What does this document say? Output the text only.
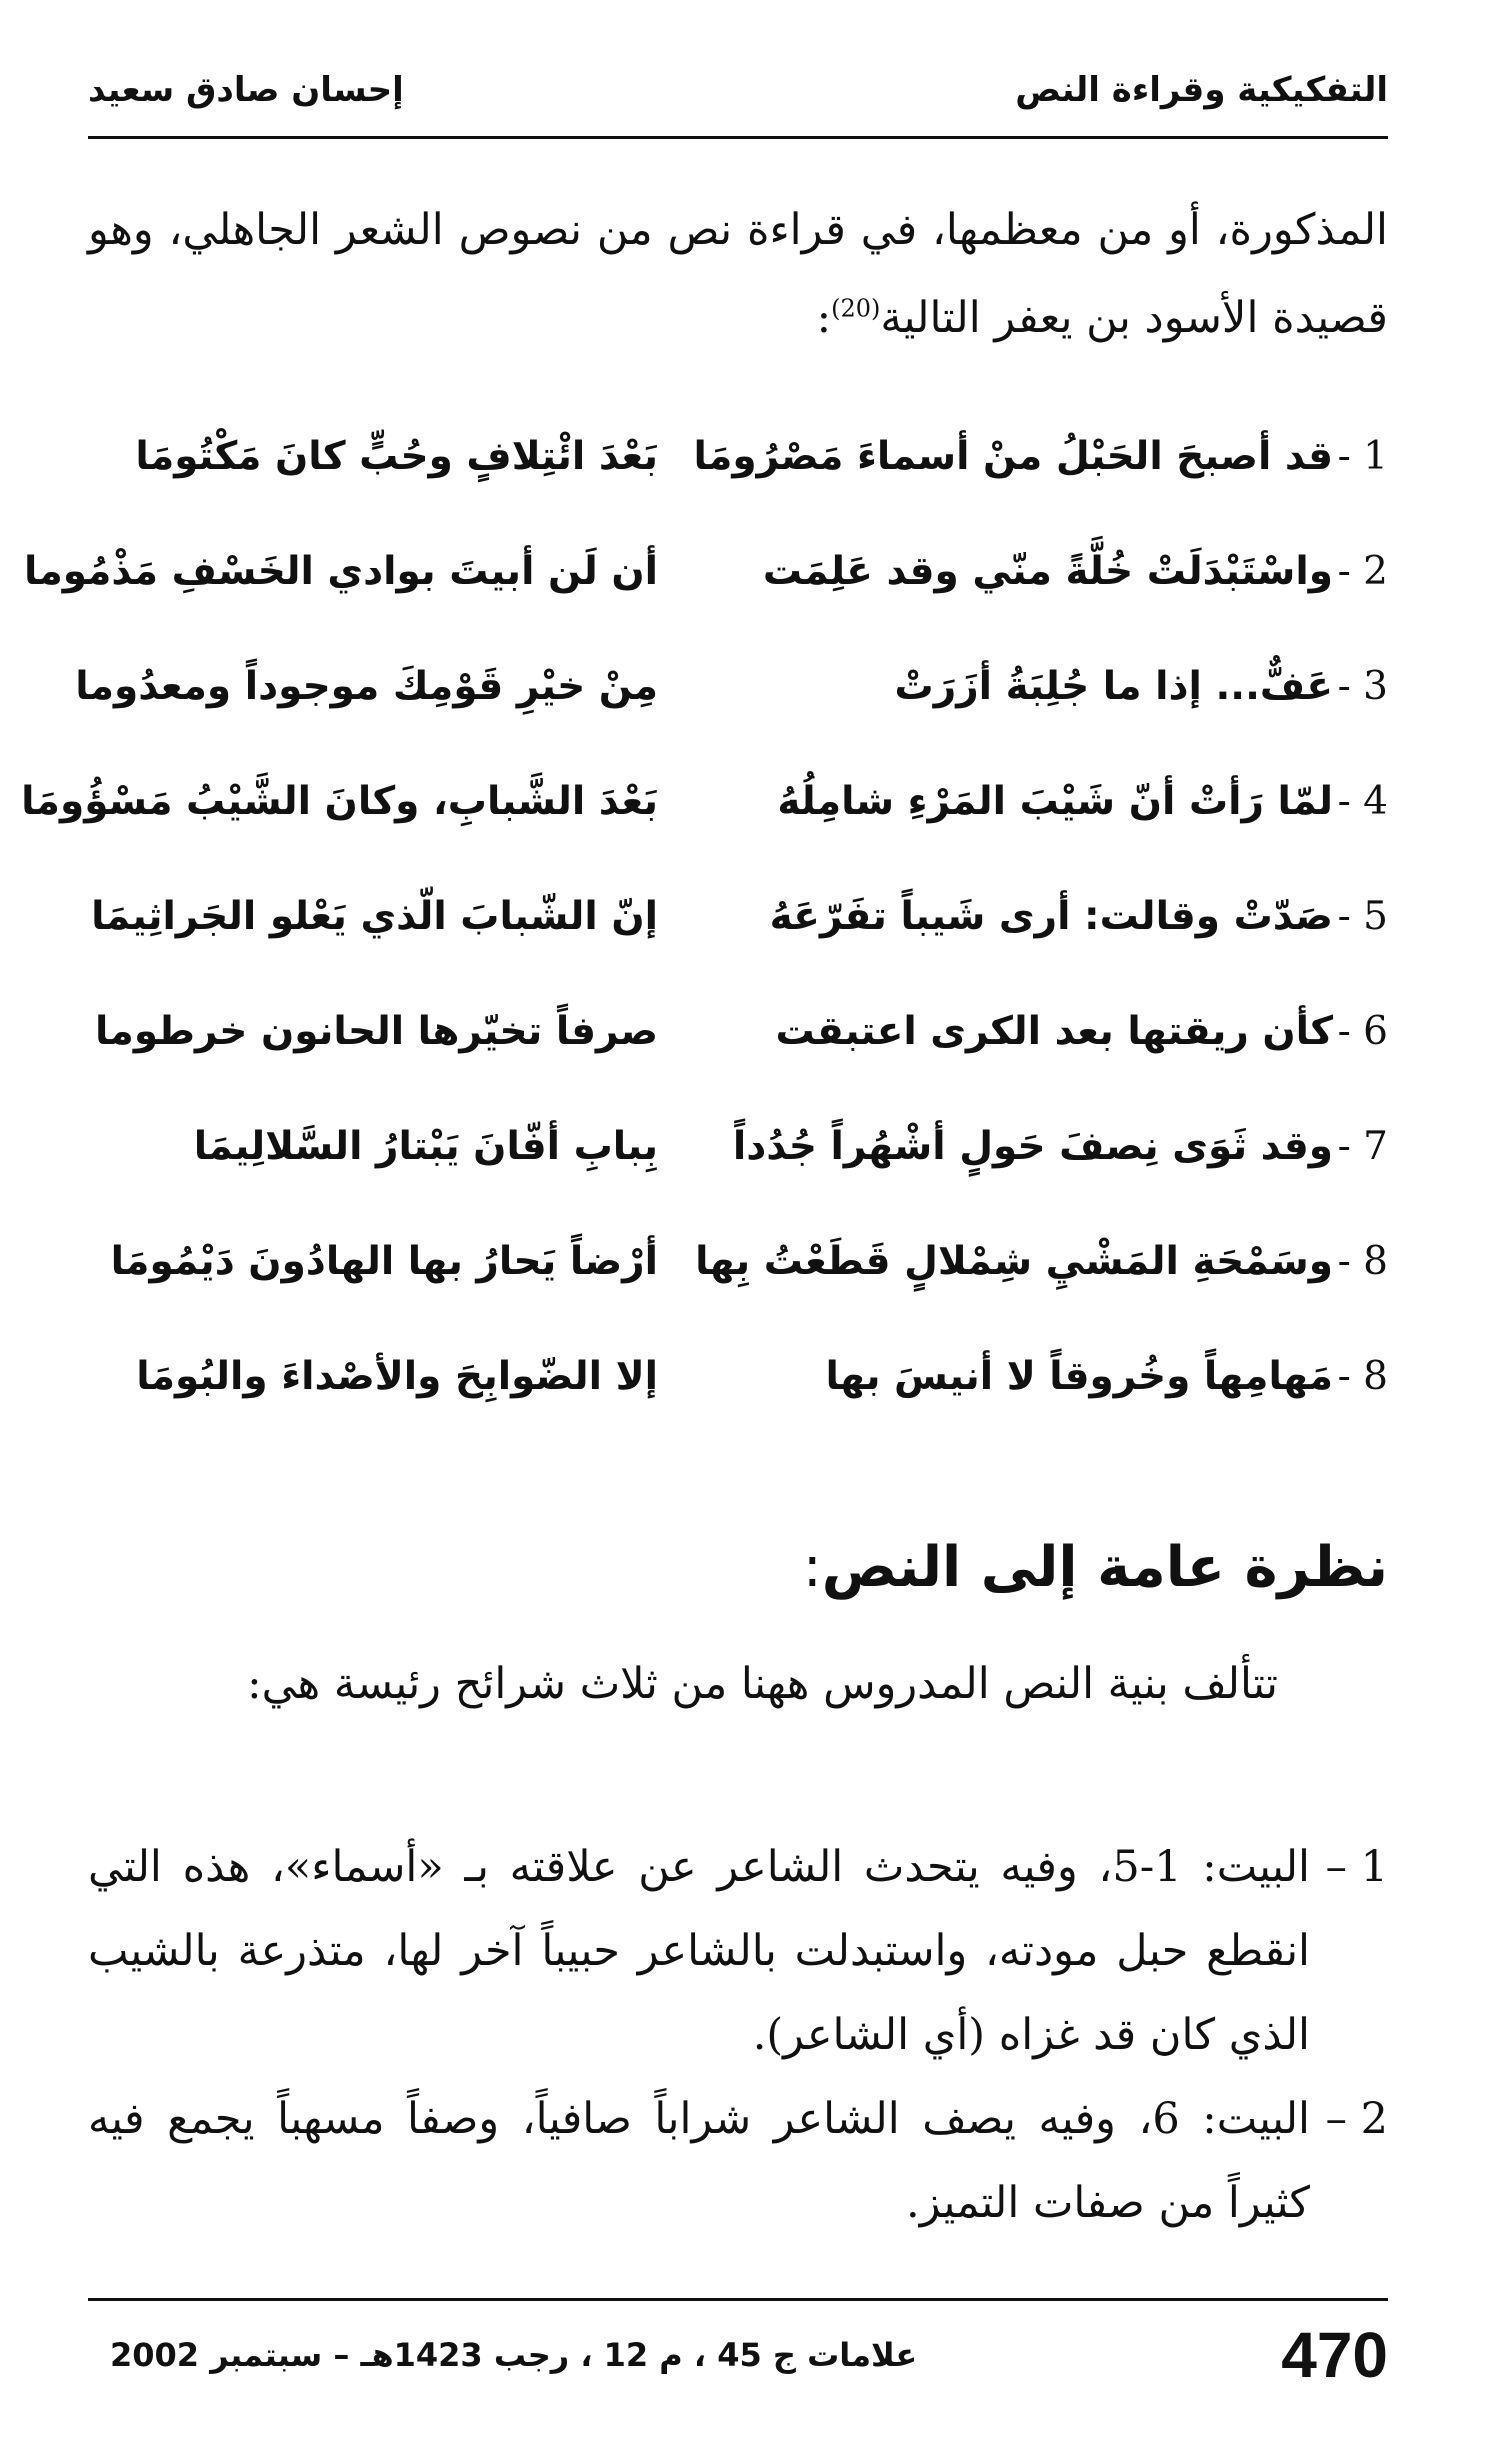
التفكيكية وقراءة النص
إحسان صادق سعيد
المذكورة، أو من معظمها، في قراءة نص من نصوص الشعر الجاهلي، وهو قصيدة الأسود بن يعفر التالية$^{(20)}$:
1 -
قد أصبحَ الحَبْلُ منْ أسماءَ مَصْرُومَا
بَعْدَ ائْتِلافٍ وحُبٍّ كانَ مَكْتُومَا
2 -
واسْتَبْدَلَتْ خُلَّةً منّي وقد عَلِمَت
أن لَن أبيتَ بوادي الخَسْفِ مَذْمُوما
3 -
عَفٌّ... إذا ما جُلِبَةُ أزَرَتْ
مِنْ خيْرِ قَوْمِكَ موجوداً ومعدُوما
4 -
لمّا رَأتْ أنّ شَيْبَ المَرْءِ شامِلُهُ
بَعْدَ الشَّبابِ، وكانَ الشَّيْبُ مَسْؤُومَا
5 -
صَدّتْ وقالت: أرى شَيباً تفَرّعَهُ
إنّ الشّبابَ الّذي يَعْلو الجَراثِيمَا
6 -
كأن ريقتها بعد الكرى اعتبقت
صرفاً تخيّرها الحانون خرطوما
7 -
وقد ثَوَى نِصفَ حَولٍ أشْهُراً جُدُداً
بِبابِ أفّانَ يَبْتارُ السَّلالِيمَا
8 -
وسَمْحَةِ المَشْيِ شِمْلالٍ قَطَعْتُ بِها
أرْضاً يَحارُ بها الهادُونَ دَيْمُومَا
8 -
مَهامِهاً وخُروقاً لا أنيسَ بها
إلا الضّوابِحَ والأصْداءَ والبُومَا
نظرة عامة إلى النص:
تتألف بنية النص المدروس ههنا من ثلاث شرائح رئيسة هي:
1 –
البيت: 1-5، وفيه يتحدث الشاعر عن علاقته بـ «أسماء»، هذه التي انقطع حبل مودته، واستبدلت بالشاعر حبيباً آخر لها، متذرعة بالشيب الذي كان قد غزاه (أي الشاعر).
2 –
البيت: 6، وفيه يصف الشاعر شراباً صافياً، وصفاً مسهباً يجمع فيه كثيراً من صفات التميز.
علامات ج 45 ، م 12 ، رجب 1423هـ – سبتمبر 2002	470
